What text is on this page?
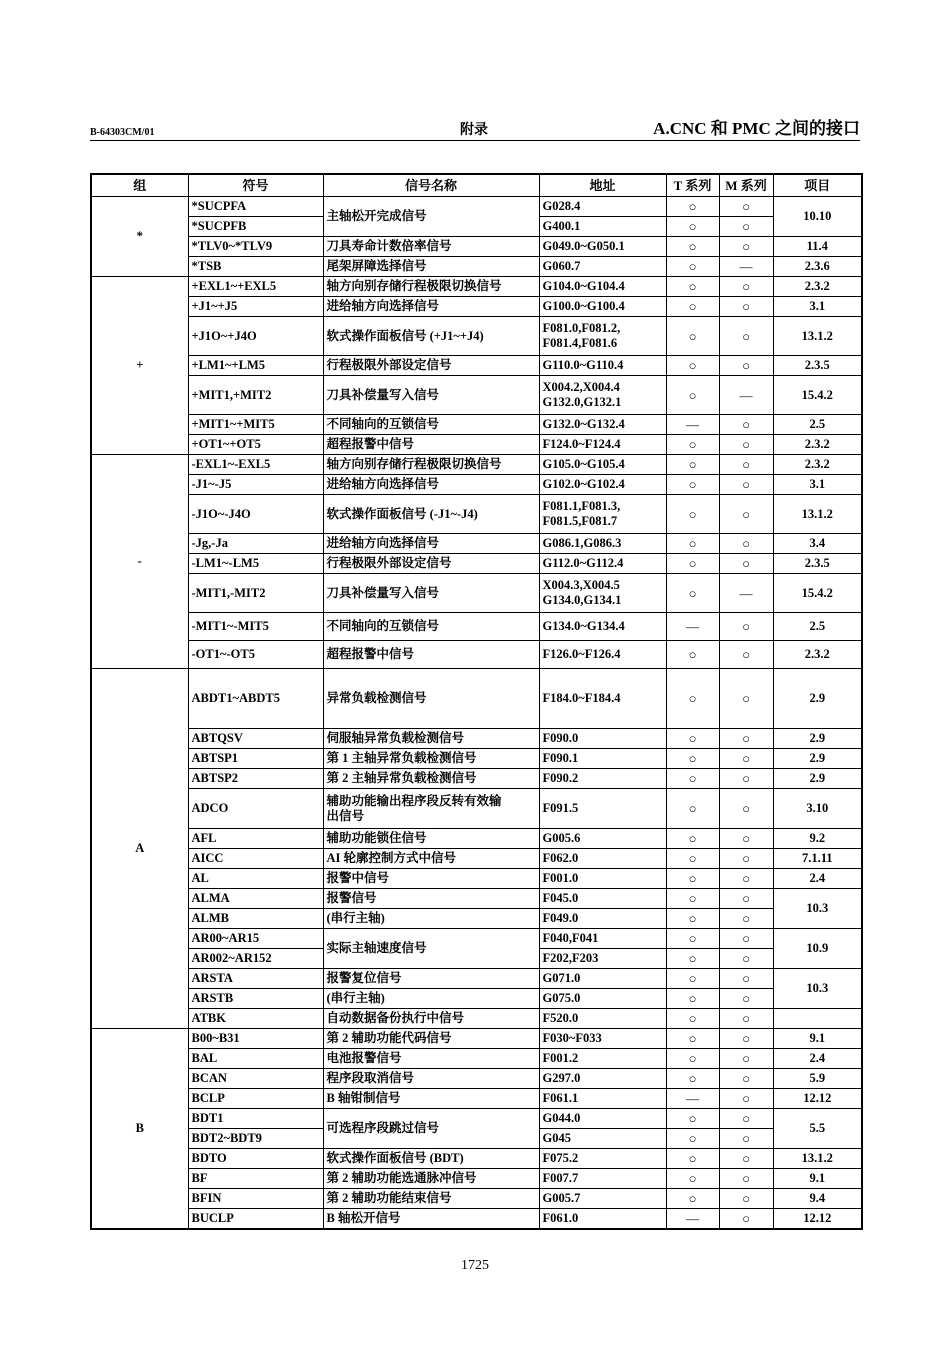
B-64303CM/01	附录	A.CNC 和 PMC 之间的接口
组	符号	信号名称	地址	T 系列	M 系列	项目
*	*SUCPFA	主轴松开完成信号	G028.4	○	○	10.10
	*SUCPFB		G400.1	○	○	
	*TLV0~*TLV9	刀具寿命计数倍率信号	G049.0~G050.1	○	○	11.4
	*TSB	尾架屏障选择信号	G060.7	○	—	2.3.6
+	+EXL1~+EXL5	轴方向别存储行程极限切换信号	G104.0~G104.4	○	○	2.3.2
	+J1~+J5	进给轴方向选择信号	G100.0~G100.4	○	○	3.1
	+J1O~+J4O	软式操作面板信号 (+J1~+J4)	F081.0,F081.2,
F081.4,F081.6	○	○	13.1.2
	+LM1~+LM5	行程极限外部设定信号	G110.0~G110.4	○	○	2.3.5
	+MIT1,+MIT2	刀具补偿量写入信号	X004.2,X004.4
G132.0,G132.1	○	—	15.4.2
	+MIT1~+MIT5	不同轴向的互锁信号	G132.0~G132.4	—	○	2.5
	+OT1~+OT5	超程报警中信号	F124.0~F124.4	○	○	2.3.2
-	-EXL1~-EXL5	轴方向别存储行程极限切换信号	G105.0~G105.4	○	○	2.3.2
	-J1~-J5	进给轴方向选择信号	G102.0~G102.4	○	○	3.1
	-J1O~-J4O	软式操作面板信号 (-J1~-J4)	F081.1,F081.3,
F081.5,F081.7	○	○	13.1.2
	-Jg,-Ja	进给轴方向选择信号	G086.1,G086.3	○	○	3.4
	-LM1~-LM5	行程极限外部设定信号	G112.0~G112.4	○	○	2.3.5
	-MIT1,-MIT2	刀具补偿量写入信号	X004.3,X004.5
G134.0,G134.1	○	—	15.4.2
	-MIT1~-MIT5	不同轴向的互锁信号	G134.0~G134.4	—	○	2.5
	-OT1~-OT5	超程报警中信号	F126.0~F126.4	○	○	2.3.2
A	ABDT1~ABDT5	异常负载检测信号	F184.0~F184.4	○	○	2.9
	ABTQSV	伺服轴异常负载检测信号	F090.0	○	○	2.9
	ABTSP1	第 1 主轴异常负载检测信号	F090.1	○	○	2.9
	ABTSP2	第 2 主轴异常负载检测信号	F090.2	○	○	2.9
	ADCO	辅助功能输出程序段反转有效输
出信号	F091.5	○	○	3.10
	AFL	辅助功能锁住信号	G005.6	○	○	9.2
	AICC	AI 轮廓控制方式中信号	F062.0	○	○	7.1.11
	AL	报警中信号	F001.0	○	○	2.4
	ALMA	报警信号	F045.0	○	○	10.3
	ALMB	(串行主轴)	F049.0	○	○	
	AR00~AR15	实际主轴速度信号	F040,F041	○	○	10.9
	AR002~AR152		F202,F203	○	○	
	ARSTA	报警复位信号	G071.0	○	○	10.3
	ARSTB	(串行主轴)	G075.0	○	○	
	ATBK	自动数据备份执行中信号	F520.0	○	○	
B	B00~B31	第 2 辅助功能代码信号	F030~F033	○	○	9.1
	BAL	电池报警信号	F001.2	○	○	2.4
	BCAN	程序段取消信号	G297.0	○	○	5.9
	BCLP	B 轴钳制信号	F061.1	—	○	12.12
	BDT1	可选程序段跳过信号	G044.0	○	○	5.5
	BDT2~BDT9		G045	○	○	
	BDTO	软式操作面板信号 (BDT)	F075.2	○	○	13.1.2
	BF	第 2 辅助功能选通脉冲信号	F007.7	○	○	9.1
	BFIN	第 2 辅助功能结束信号	G005.7	○	○	9.4
	BUCLP	B 轴松开信号	F061.0	—	○	12.12
1725
